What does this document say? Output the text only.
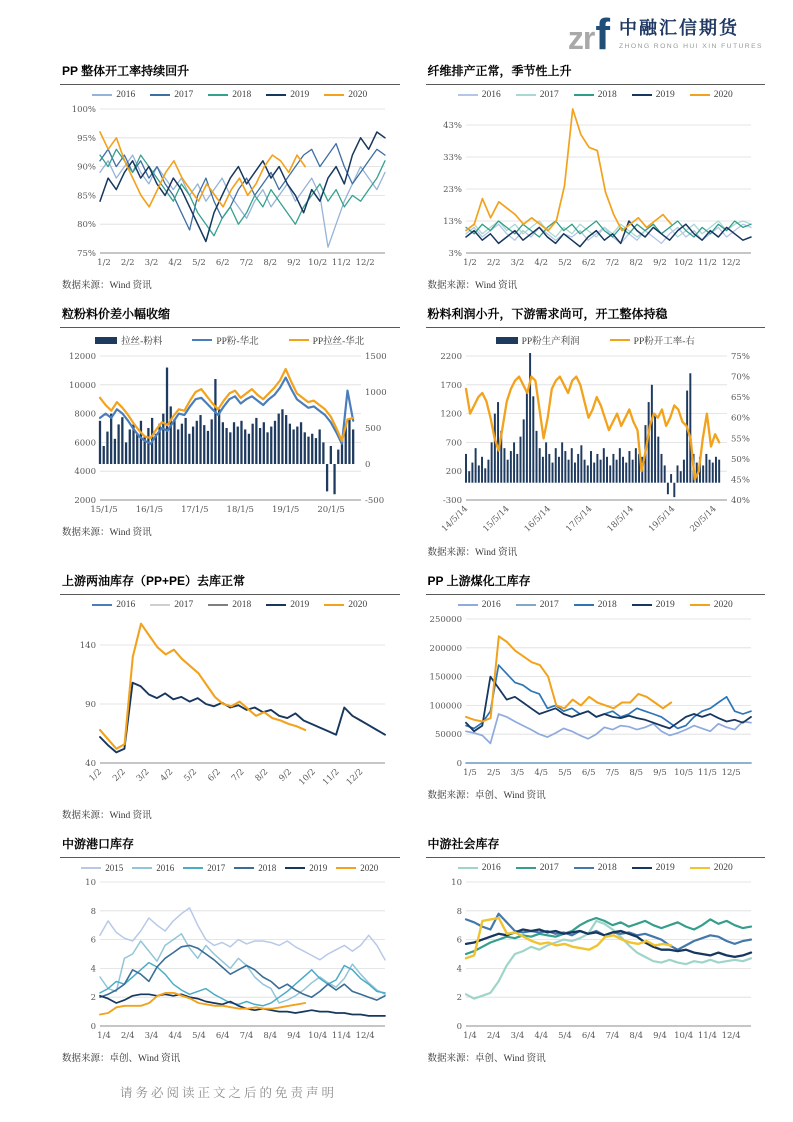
zr f 中融汇信期货
ZHONG RONG HUI XIN FUTURES
PP 整体开工率持续回升
2016	2017	2018	2019	2020
75%
80%
85%
90%
95%
100%
1/2 2/2 3/2 4/2 5/2 6/2 7/2 8/2 9/2 10/2 11/2 12/2
数据来源：Wind 资讯
纤维排产正常，季节性上升
2016	2017	2018	2019	2020
3%
13%
23%
33%
43%
1/2 2/2 3/2 4/2 5/2 6/2 7/2 8/2 9/2 10/2 11/2 12/2
数据来源：Wind 资讯
粒粉料价差小幅收缩
拉丝-粉料	PP粉-华北	PP拉丝-华北
2000
4000
6000
8000
10000
12000
-500
0
500
1000
1500
15/1/5 16/1/5 17/1/5 18/1/5 19/1/5 20/1/5
数据来源：Wind 资讯
粉料利润小升，下游需求尚可，开工整体持稳
PP粉生产利润	PP粉开工率-右
-300
200
700
1200
1700
2200
40%
45%
50%
55%
60%
65%
70%
75%
14/5/14 15/5/14 16/5/14 17/5/14 18/5/14 19/5/14 20/5/14
数据来源：Wind 资讯
上游两油库存（PP+PE）去库正常
2016	2017	2018	2019	2020
40
90
140
1/2 2/2 3/2 4/2 5/2 6/2 7/2 8/2 9/2 10/2 11/2 12/2
数据来源：Wind 资讯
PP 上游煤化工库存
2016	2017	2018	2019	2020
0
50000
100000
150000
200000
250000
1/5 2/5 3/5 4/5 5/5 6/5 7/5 8/5 9/5 10/5 11/5 12/5
数据来源：卓创、Wind 资讯
中游港口库存
2015	2016	2017	2018	2019	2020
0
2
4
6
8
10
1/4 2/4 3/4 4/4 5/4 6/4 7/4 8/4 9/4 10/4 11/4 12/4
数据来源：卓创、Wind 资讯
中游社会库存
2016	2017	2018	2019	2020
0
2
4
6
8
10
1/4 2/4 3/4 4/4 5/4 6/4 7/4 8/4 9/4 10/4 11/4 12/4
数据来源：卓创、Wind 资讯
请务必阅读正文之后的免责声明
